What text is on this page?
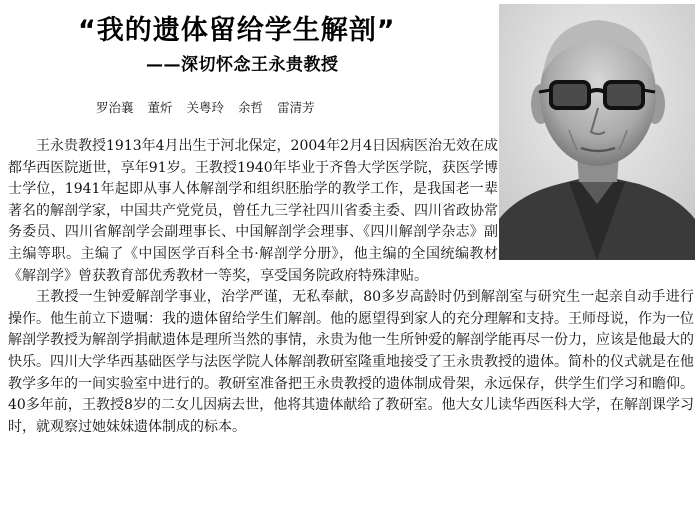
“我的遗体留给学生解剖”
——深切怀念王永贵教授
罗治襄 董炘 关粤玲 余哲 雷清芳

王永贵教授1913年4月出生于河北保定，2004年2月4日因病医治无效在成都华西医院逝世，享年91岁。王教授1940年毕业于齐鲁大学医学院，获医学博士学位，1941年起即从事人体解剖学和组织胚胎学的教学工作，是我国老一辈著名的解剖学家，中国共产党党员，曾任九三学社四川省委主委、四川省政协常务委员、四川省解剖学会副理事长、中国解剖学会理事、《四川解剖学杂志》副主编等职。主编了《中国医学百科全书·解剖学分册》，他主编的全国统编教材《解剖学》曾获教育部优秀教材一等奖，享受国务院政府特殊津贴。

王教授一生钟爱解剖学事业，治学严谨，无私奉献，80多岁高龄时仍到解剖室与研究生一起亲自动手进行操作。他生前立下遗嘱：我的遗体留给学生们解剖。他的愿望得到家人的充分理解和支持。王师母说，作为一位解剖学教授为解剖学捐献遗体是理所当然的事情，永贵为他一生所钟爱的解剖学能再尽一份力，应该是他最大的快乐。四川大学华西基础医学与法医学院人体解剖教研室隆重地接受了王永贵教授的遗体。简朴的仪式就是在他教学多年的一间实验室中进行的。教研室准备把王永贵教授的遗体制成骨架，永远保存，供学生们学习和瞻仰。40多年前，王教授8岁的二女儿因病去世，他将其遗体献给了教研室。他大女儿读华西医科大学，在解剖课学习时，就观察过她妹妹遗体制成的标本。
